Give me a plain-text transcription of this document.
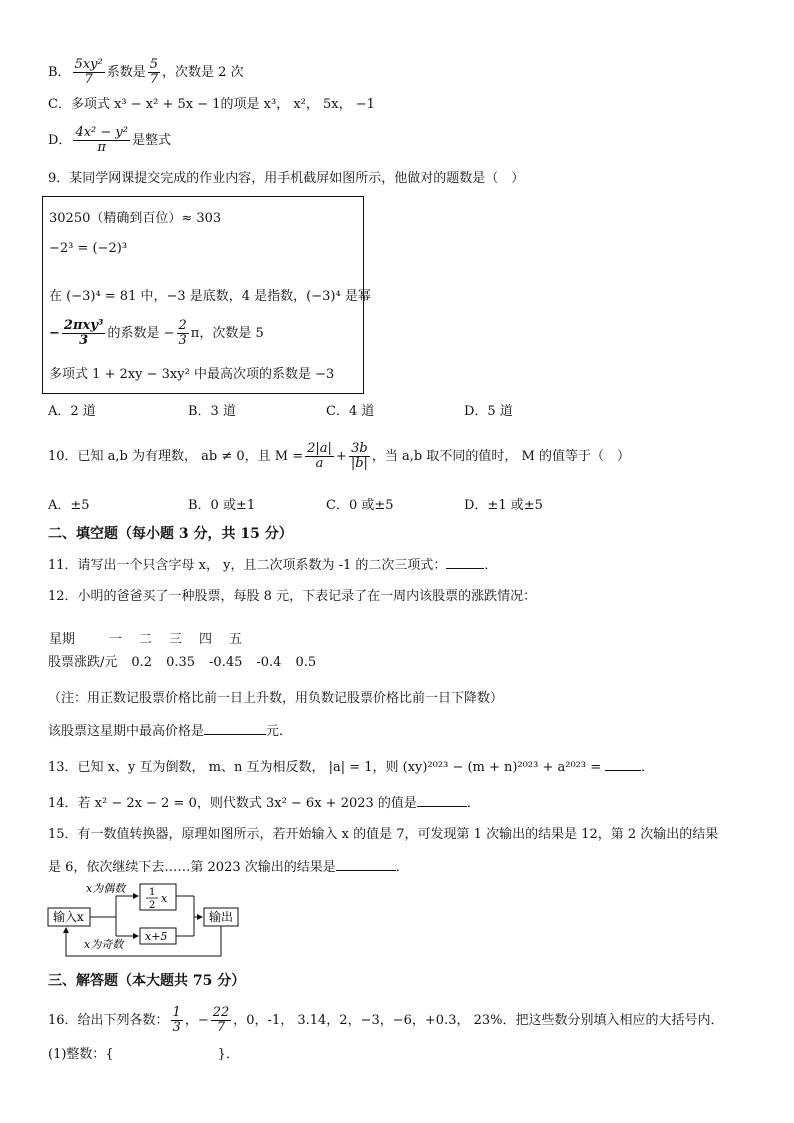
B． $\frac{\text{5xy²}}{7}$ 系数是 $\frac{5}{7}$ ，次数是 2 次
C．多项式 x³ − x² + 5x − 1的项是 x³， x²， 5x， −1
D． $\frac{\text{4x² − y²}}{\pi}$ 是整式
9．某同学网课提交完成的作业内容，用手机截屏如图所示，他做对的题数是（　）
30250（精确到百位）≈ 303
−2³ = (−2)³
在 (−3)⁴ = 81 中，−3 是底数，4 是指数，(−3)⁴ 是幂
− $\frac{\text{2πxy³}}{3}$ 的系数是 − $\frac{2}{3}$ π，次数是 5
多项式 1 + 2xy − 3xy² 中最高次项的系数是 −3
A．2 道	B．3 道	C．4 道	D．5 道
10．已知 a,b 为有理数， ab ≠ 0，且 $M = \frac{2|a|}{a} + \frac{3b}{|b|}$ ，当 a,b 取不同的值时， M 的值等于（　）
A．±5	B．0 或±1	C．0 或±5	D．±1 或±5
二、填空题（每小题 3 分，共 15 分）
11．请写出一个只含字母 x， y，且二次项系数为 -1 的二次三项式：	．
12．小明的爸爸买了一种股票，每股 8 元，下表记录了在一周内该股票的涨跌情况：
星期	一	二	三	四	五
股票涨跌/元 0.2 0.35 -0.45 -0.4 0.5
（注：用正数记股票价格比前一日上升数，用负数记股票价格比前一日下降数）
该股票这星期中最高价格是	元．
13．已知 x、y 互为倒数， m、n 互为相反数， |a| = 1，则 (xy)²⁰²³ − (m + n)²⁰²³ + a²⁰²³ =	．
14．若 x² − 2x − 2 = 0，则代数式 3x² − 6x + 2023 的值是	．
15．有一数值转换器，原理如图所示，若开始输入 x 的值是 7，可发现第 1 次输出的结果是 12，第 2 次输出的结果
是 6，依次继续下去……第 2023 次输出的结果是	．
输入x
x为偶数
x为奇数
1
2
x
x+5
输出
三、解答题（本大题共 75 分）
16．给出下列各数： $\frac{1}{3}$ ，− $\frac{22}{7}$ ，0，-1， 3.14，2，−3，−6，+0.3， 23%．把这些数分别填入相应的大括号内．
(1)整数：{　　　　　　　　}．
